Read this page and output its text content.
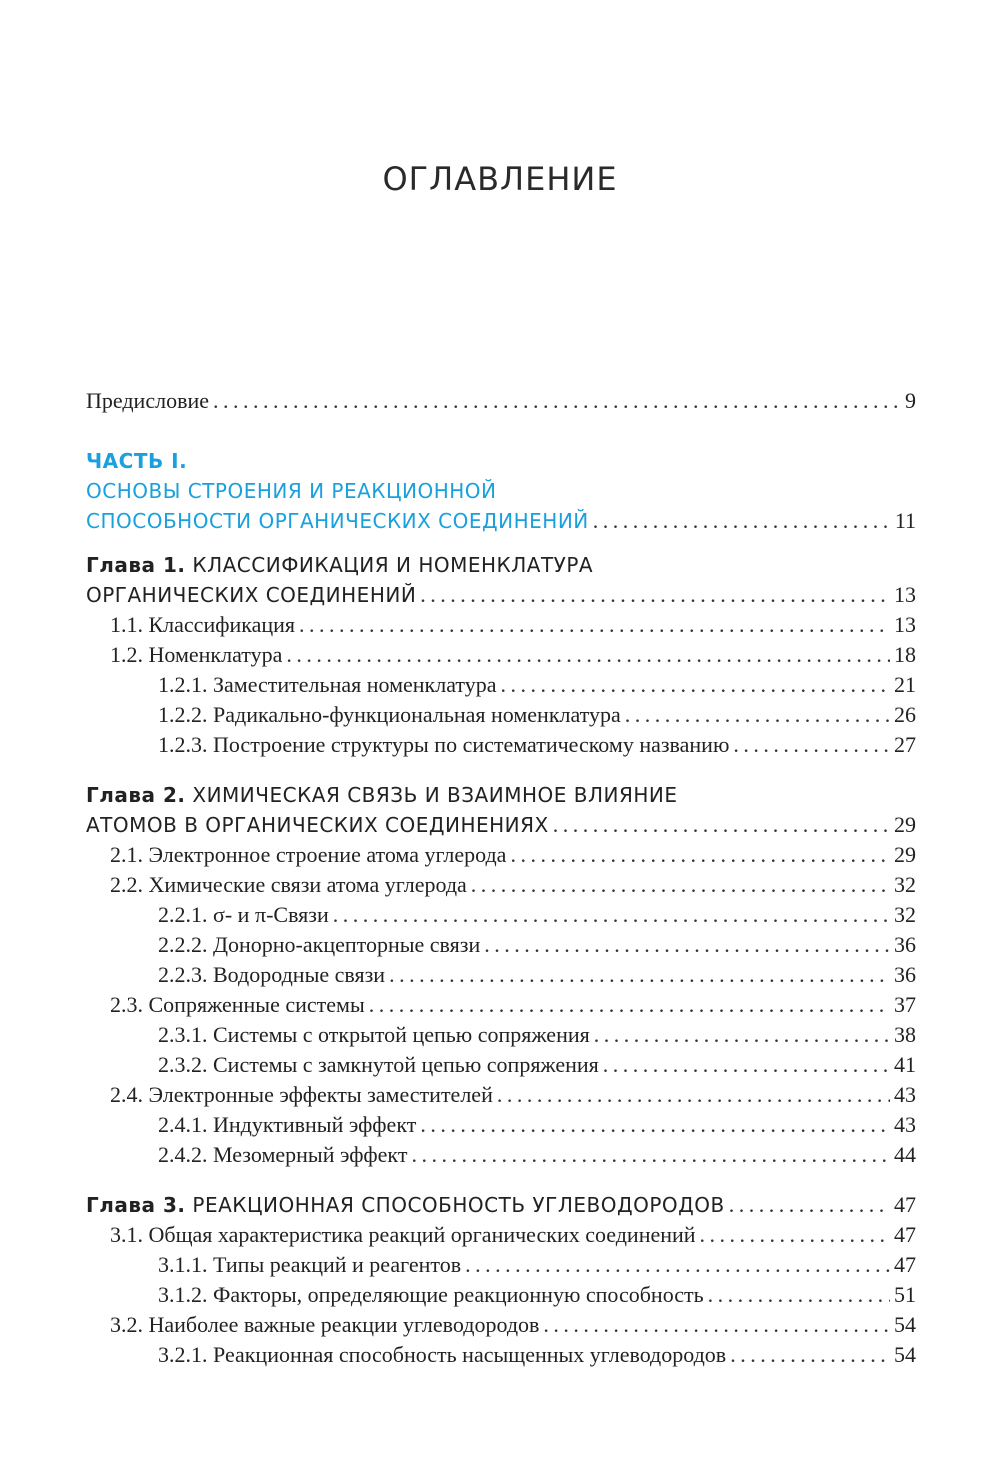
ОГЛАВЛЕНИЕ
Предисловие . . .	9
ЧАСТЬ I.
ОСНОВЫ СТРОЕНИЯ И РЕАКЦИОННОЙ
СПОСОБНОСТИ ОРГАНИЧЕСКИХ СОЕДИНЕНИЙ . . .	11
Глава 1. КЛАССИФИКАЦИЯ И НОМЕНКЛАТУРА
ОРГАНИЧЕСКИХ СОЕДИНЕНИЙ . . .	13
1.1. Классификация . . .	13
1.2. Номенклатура . . .	18
1.2.1. Заместительная номенклатура . . .	21
1.2.2. Радикально-функциональная номенклатура . . .	26
1.2.3. Построение структуры по систематическому названию . . .	27
Глава 2. ХИМИЧЕСКАЯ СВЯЗЬ И ВЗАИМНОЕ ВЛИЯНИЕ
АТОМОВ В ОРГАНИЧЕСКИХ СОЕДИНЕНИЯХ . . .	29
2.1. Электронное строение атома углерода . . .	29
2.2. Химические связи атома углерода . . .	32
2.2.1. σ- и π-Связи . . .	32
2.2.2. Донорно-акцепторные связи . . .	36
2.2.3. Водородные связи . . .	36
2.3. Сопряженные системы . . .	37
2.3.1. Системы с открытой цепью сопряжения . . .	38
2.3.2. Системы с замкнутой цепью сопряжения . . .	41
2.4. Электронные эффекты заместителей . . .	43
2.4.1. Индуктивный эффект . . .	43
2.4.2. Мезомерный эффект . . .	44
Глава 3. РЕАКЦИОННАЯ СПОСОБНОСТЬ УГЛЕВОДОРОДОВ . . .	47
3.1. Общая характеристика реакций органических соединений . . .	47
3.1.1. Типы реакций и реагентов . . .	47
3.1.2. Факторы, определяющие реакционную способность . . .	51
3.2. Наиболее важные реакции углеводородов . . .	54
3.2.1. Реакционная способность насыщенных углеводородов . . .	54
